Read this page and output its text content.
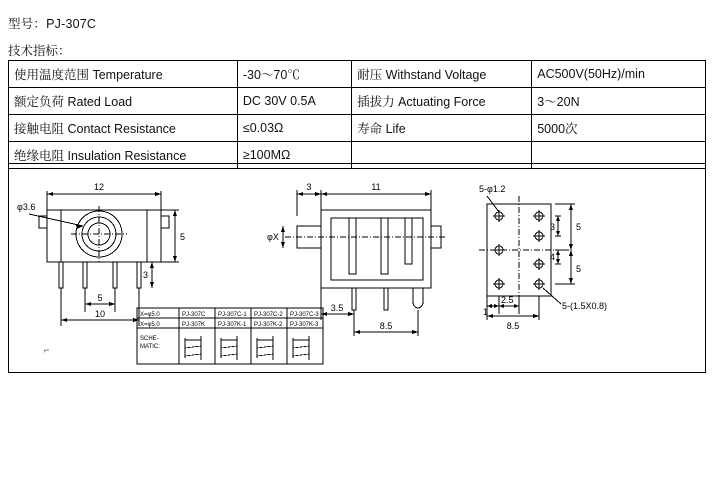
型号：PJ-307C
技术指标：
使用温度范围 Temperature	-30～70℃	耐压 Withstand Voltage	AC500V(50Hz)/min
额定负荷 Rated Load	DC 30V 0.5A	插拔力 Actuating Force	3～20N
接触电阻 Contact Resistance	≤0.03Ω	寿命 Life	5000次
绝缘电阻 Insulation Resistance	≥100MΩ		
12
φ3.6
5
3
5
10
3	11
φX
3.5
8.5
5-φ1.2
3
4
5
5
1
2.5
8.5
5-(1.5X0.8)
X=φ5.0	PJ-307C PJ-307C-1 PJ-307C-2 PJ-307C-3
X=φ5.0	PJ-307K PJ-307K-1 PJ-307K-2 PJ-307K-3
SCHE-
MATIC:
⌐
